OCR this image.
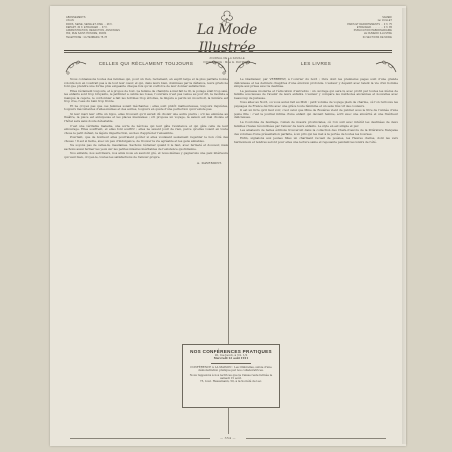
ABONNEMENTS
UN AN
PARIS, SEINE, SEINE-ET-OISE . . 28 fr.
DÉPART. 30 fr. ÉTRANGER . . 37 fr.
ADMINISTRATION, RÉDACTION, ANNONCES
350, RUE SAINT-HONORÉ, PARIS
TÉLÉPHONE : GUTENBERG 75-78	La Mode Illustrée
JOURNAL DE LA FAMILLE
FONDATRICE : Mme E. RAYMOND
SAMEDI
1er JUILLET
PARIS ET DÉPARTEMENTS . . 0 fr. 75
ÉTRANGER . . . . . . . . 0 fr. 85
PUBLICATION HEBDOMADAIRE
LE NUMÉRO ILLUSTRÉ
64 SECTIONS DE MODE
CELLES QUI RÉCLAMENT TOUJOURS

Nous connaissons toutes des femmes qui, pour un rien, réclament, en esprit large et la plus parfaite bonne volonté non en voudrait pas à de tout leur cœur, et qui, dans leurs bien, dominées par la défiance, leurs griefs ne font que prendre une forme plus exigeante chaque fois qu'on s'efforce de leur donner satisfaction.

Elles réclament toujours, et à propos de tout. La femme de chambre a mal fait le lit, le potage était trop salé, les enfants sont trop bruyants, le jardinier a oublié les roses, l'ouvrière n'est pas venue au jour dit, la modiste a manqué la capote, le cordonnier a fait les bottines trop étroites, la lingère a perdu un mouchoir, la lumière est trop vive, l'eau du bain trop froide.

Et ne croyez pas que ces femmes soient méchantes ; elles sont plutôt malheureuses, toujours inquiètes, toujours mécontentes d'elles-mêmes et des autres, toujours en quête d'une perfection qui n'existe pas.

Si leur mari leur offre un bijou, elles trouvent qu'il aurait dû choisir une autre pierre ; s'il les emmène au théâtre, la pièce est ennuyeuse et les places mauvaises ; s'il propose un voyage, la saison est mal choisie et l'hôtel sera sans doute détestable.

C'est une véritable maladie, une sorte de névrose qui leur gâte l'existence et qui gâte celle de leur entourage. Elles souffrent, et elles font souffrir ; elles ne savent jouir de rien, parce qu'elles voient en toute chose le petit défaut, la légère imperfection, au lieu d'apprécier l'ensemble.

Pourtant, que de bonheur elles pourraient goûter si elles voulaient seulement regarder le bon côté des choses ! Il est si facile, avec un peu d'indulgence, de trouver la vie agréable et les gens aimables.

Ne soyons pas de celles-là, mesdames. Sachons réclamer quand il le faut, avec fermeté et douceur, mais sachons aussi fermer les yeux sur les petites misères inévitables de l'existence quotidienne.

Nos enfants, nos serviteurs, nos amis nous en sauront gré, et nous-mêmes y gagnerons une paix intérieure qui vaut bien, croyez-le, toutes les satisfactions de l'amour-propre.

A. DAVEMONT.
LES LIVRES

Le Gladiateur, par VERBREST, à l'ouvrier du bord ; livre dont les premières pages sont d'une grande délicatesse et les derniers chapitres d'une émotion profonde. L'auteur y dépeint avec talent la vie d'un homme simple aux prises avec la destinée.

La jeunesse moderne et l'éducation d'autrefois : un ouvrage qui sera lu avec profit par toutes les mères de famille soucieuses de l'avenir de leurs enfants. L'auteur y compare les méthodes anciennes et nouvelles avec beaucoup de justesse.

Vous allez au Nord, ou vous aurez fait au Midi : petit volume de voyage plein de charme, où l'on retrouve les paysages de France décrits avec une grâce toute féminine et un sens très vif des couleurs.

Il est un livre qu'il faut voir, c'est celui que Mme de Rosières vient de publier sous le titre de l'Année d'une jeune fille : c'est le journal intime d'une enfant qui devient femme, écrit avec une sincérité et une fraîcheur délicieuses.

La Couronne de feuillage, roman de mœurs provinciales, où l'on suit avec intérêt les destinées de deux familles rivales réconciliées par l'amour de leurs enfants. Le style en est simple et pur.

Les amateurs de belles éditions trouveront dans la collection des Chefs-d'œuvre de la littérature française des volumes d'une présentation parfaite, à un prix qui les met à la portée de toutes les bourses.

Enfin, signalons aux jeunes filles un charmant recueil de poésies, les Heures claires, dont les vers harmonieux et tendres seront pour elles une lecture saine et reposante pendant les loisirs de l'été.

NOS CONFÉRENCES PRATIQUES
20, rue Jacob, à 3 h. 1/2
Mercredi 12 août 1911
CONFÉRENCE A LA MAISON : Les Ombrelles, suivie d'une démonstration pratique par nos collaboratrices.
Nous rappelons à nos lectrices que la Caisse reste fermée le samedi 15 août.
73, boul. Haussmann, 50, à la Société de Lac.
— 354 —
